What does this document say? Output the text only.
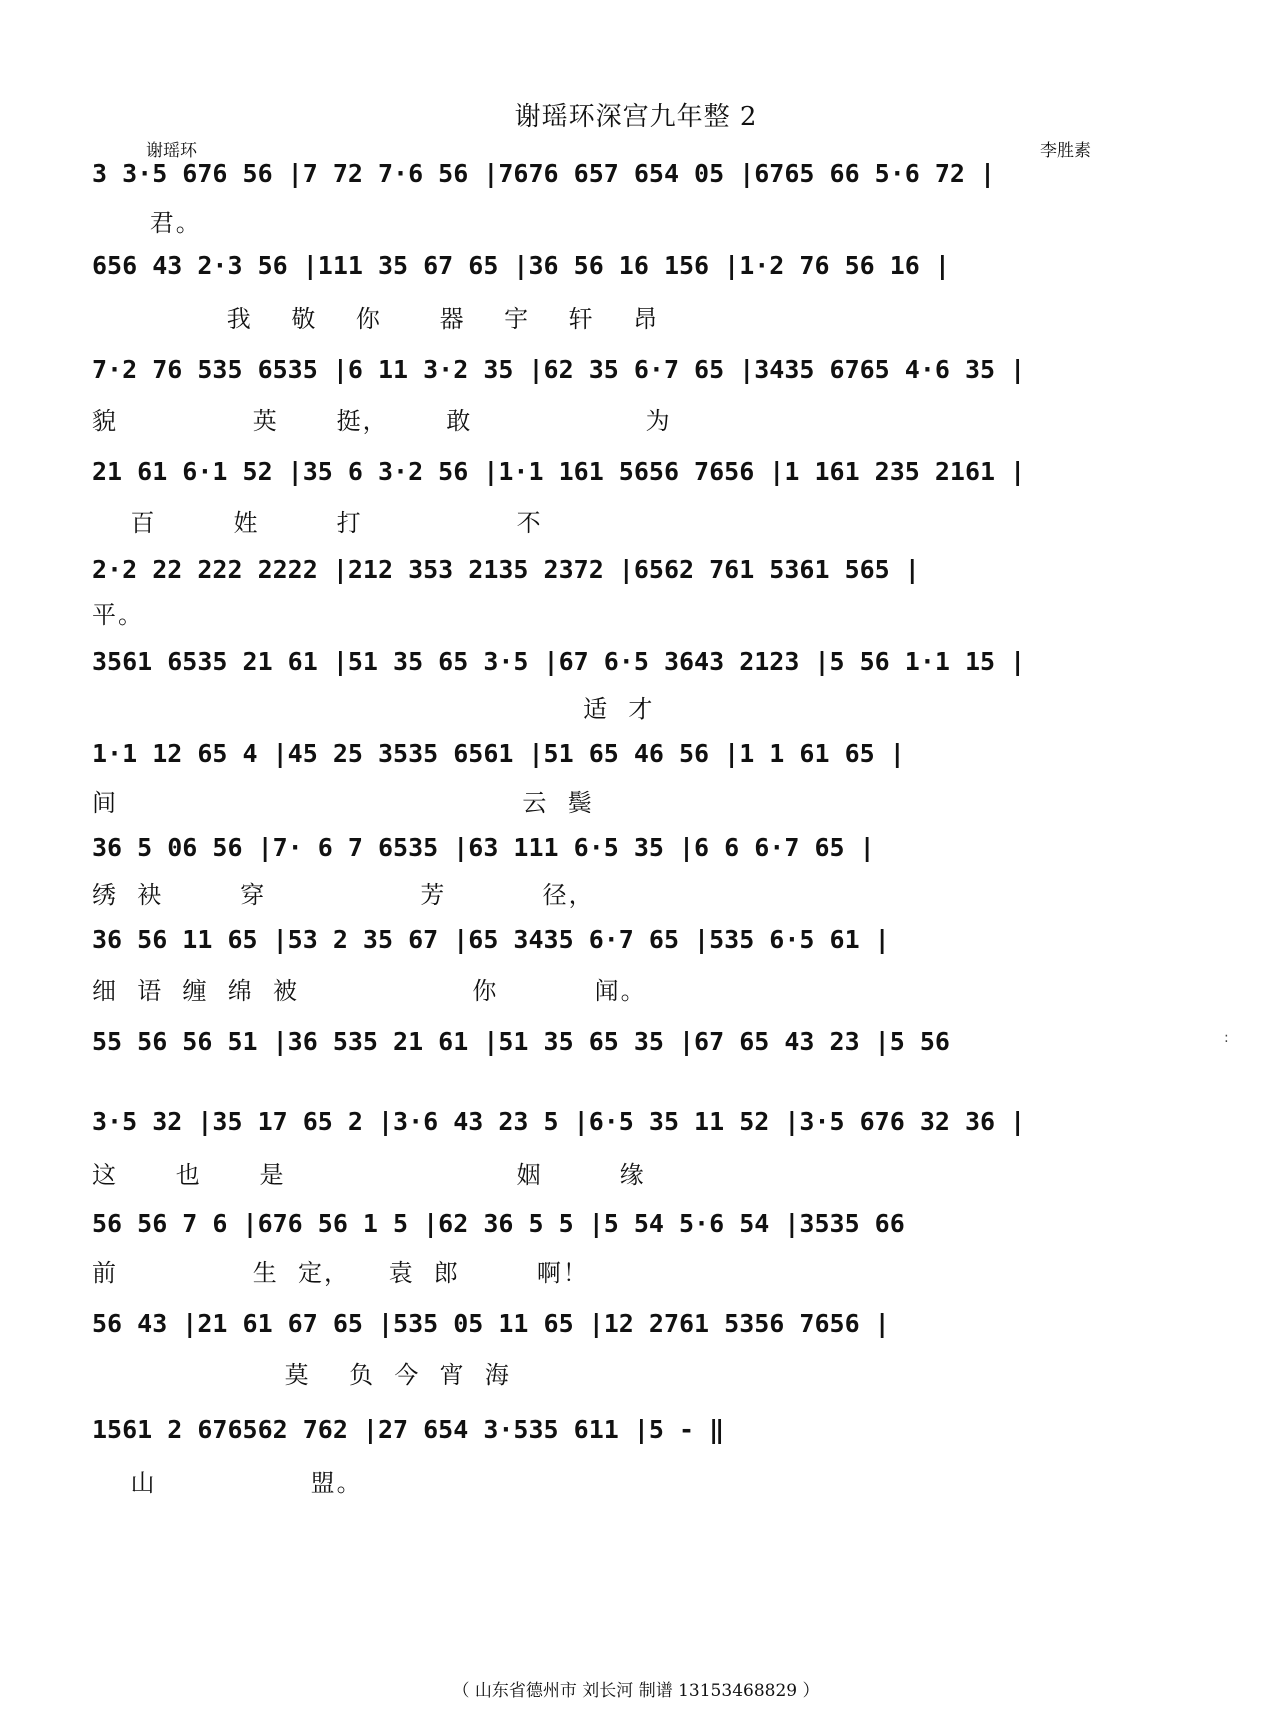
谢瑶环深宫九年整 2
谢瑶环	李胜素
3 3·5 676 56 |7 72 7·6 56 |7676 657 654 05 |6765 66 5·6 72 |
君。
656 43 2·3 56 |111 35 67 65 |36 56 16 156 |1·2 76 56 16 |
我    敬    你      器    宇    轩    昂
7·2 76 535 6535 |6 11 3·2 35 |62 35 6·7 65 |3435 6765 4·6 35 |
貌              英      挺，      敢                  为
21 61 6·1 52 |35 6 3·2 56 |1·1 161 5656 7656 |1 161 235 2161 |
百        姓        打                不
2·2 22 222 2222 |212 353 2135 2372 |6562 761 5361 565 |
平。
3561 6535 21 61 |51 35 65 3·5 |67 6·5 3643 2123 |5 56 1·1 15 |
适  才
1·1 12 65 4 |45 25 3535 6561 |51 65 46 56 |1 1 61 65 |
间                                          云  鬓
36 5 06 56 |7· 6 7 6535 |63 111 6·5 35 |6 6 6·7 65 |
绣  袂        穿                芳          径，
36 56 11 65 |53 2 35 67 |65 3435 6·7 65 |535 6·5 61 |
细  语  缠  绵  被                  你          闻。
55 56 56 51 |36 535 21 61 |51 35 65 35 |67 65 43 23 |5 56
3·5 32 |35 17 65 2 |3·6 43 23 5 |6·5 35 11 52 |3·5 676 32 36 |
这      也      是                        姻        缘
56 56 7 6 |676 56 1 5 |62 36 5 5 |5 54 5·6 54 |3535 66
前              生  定，    袁  郎        啊！
56 43 |21 61 67 65 |535 05 11 65 |12 2761 5356 7656 |
莫    负  今  宵  海
1561 2 676562 762 |27 654 3·535 611 |5 - ‖
山                盟。
:
（ 山东省德州市 刘长河 制谱 13153468829 ）
